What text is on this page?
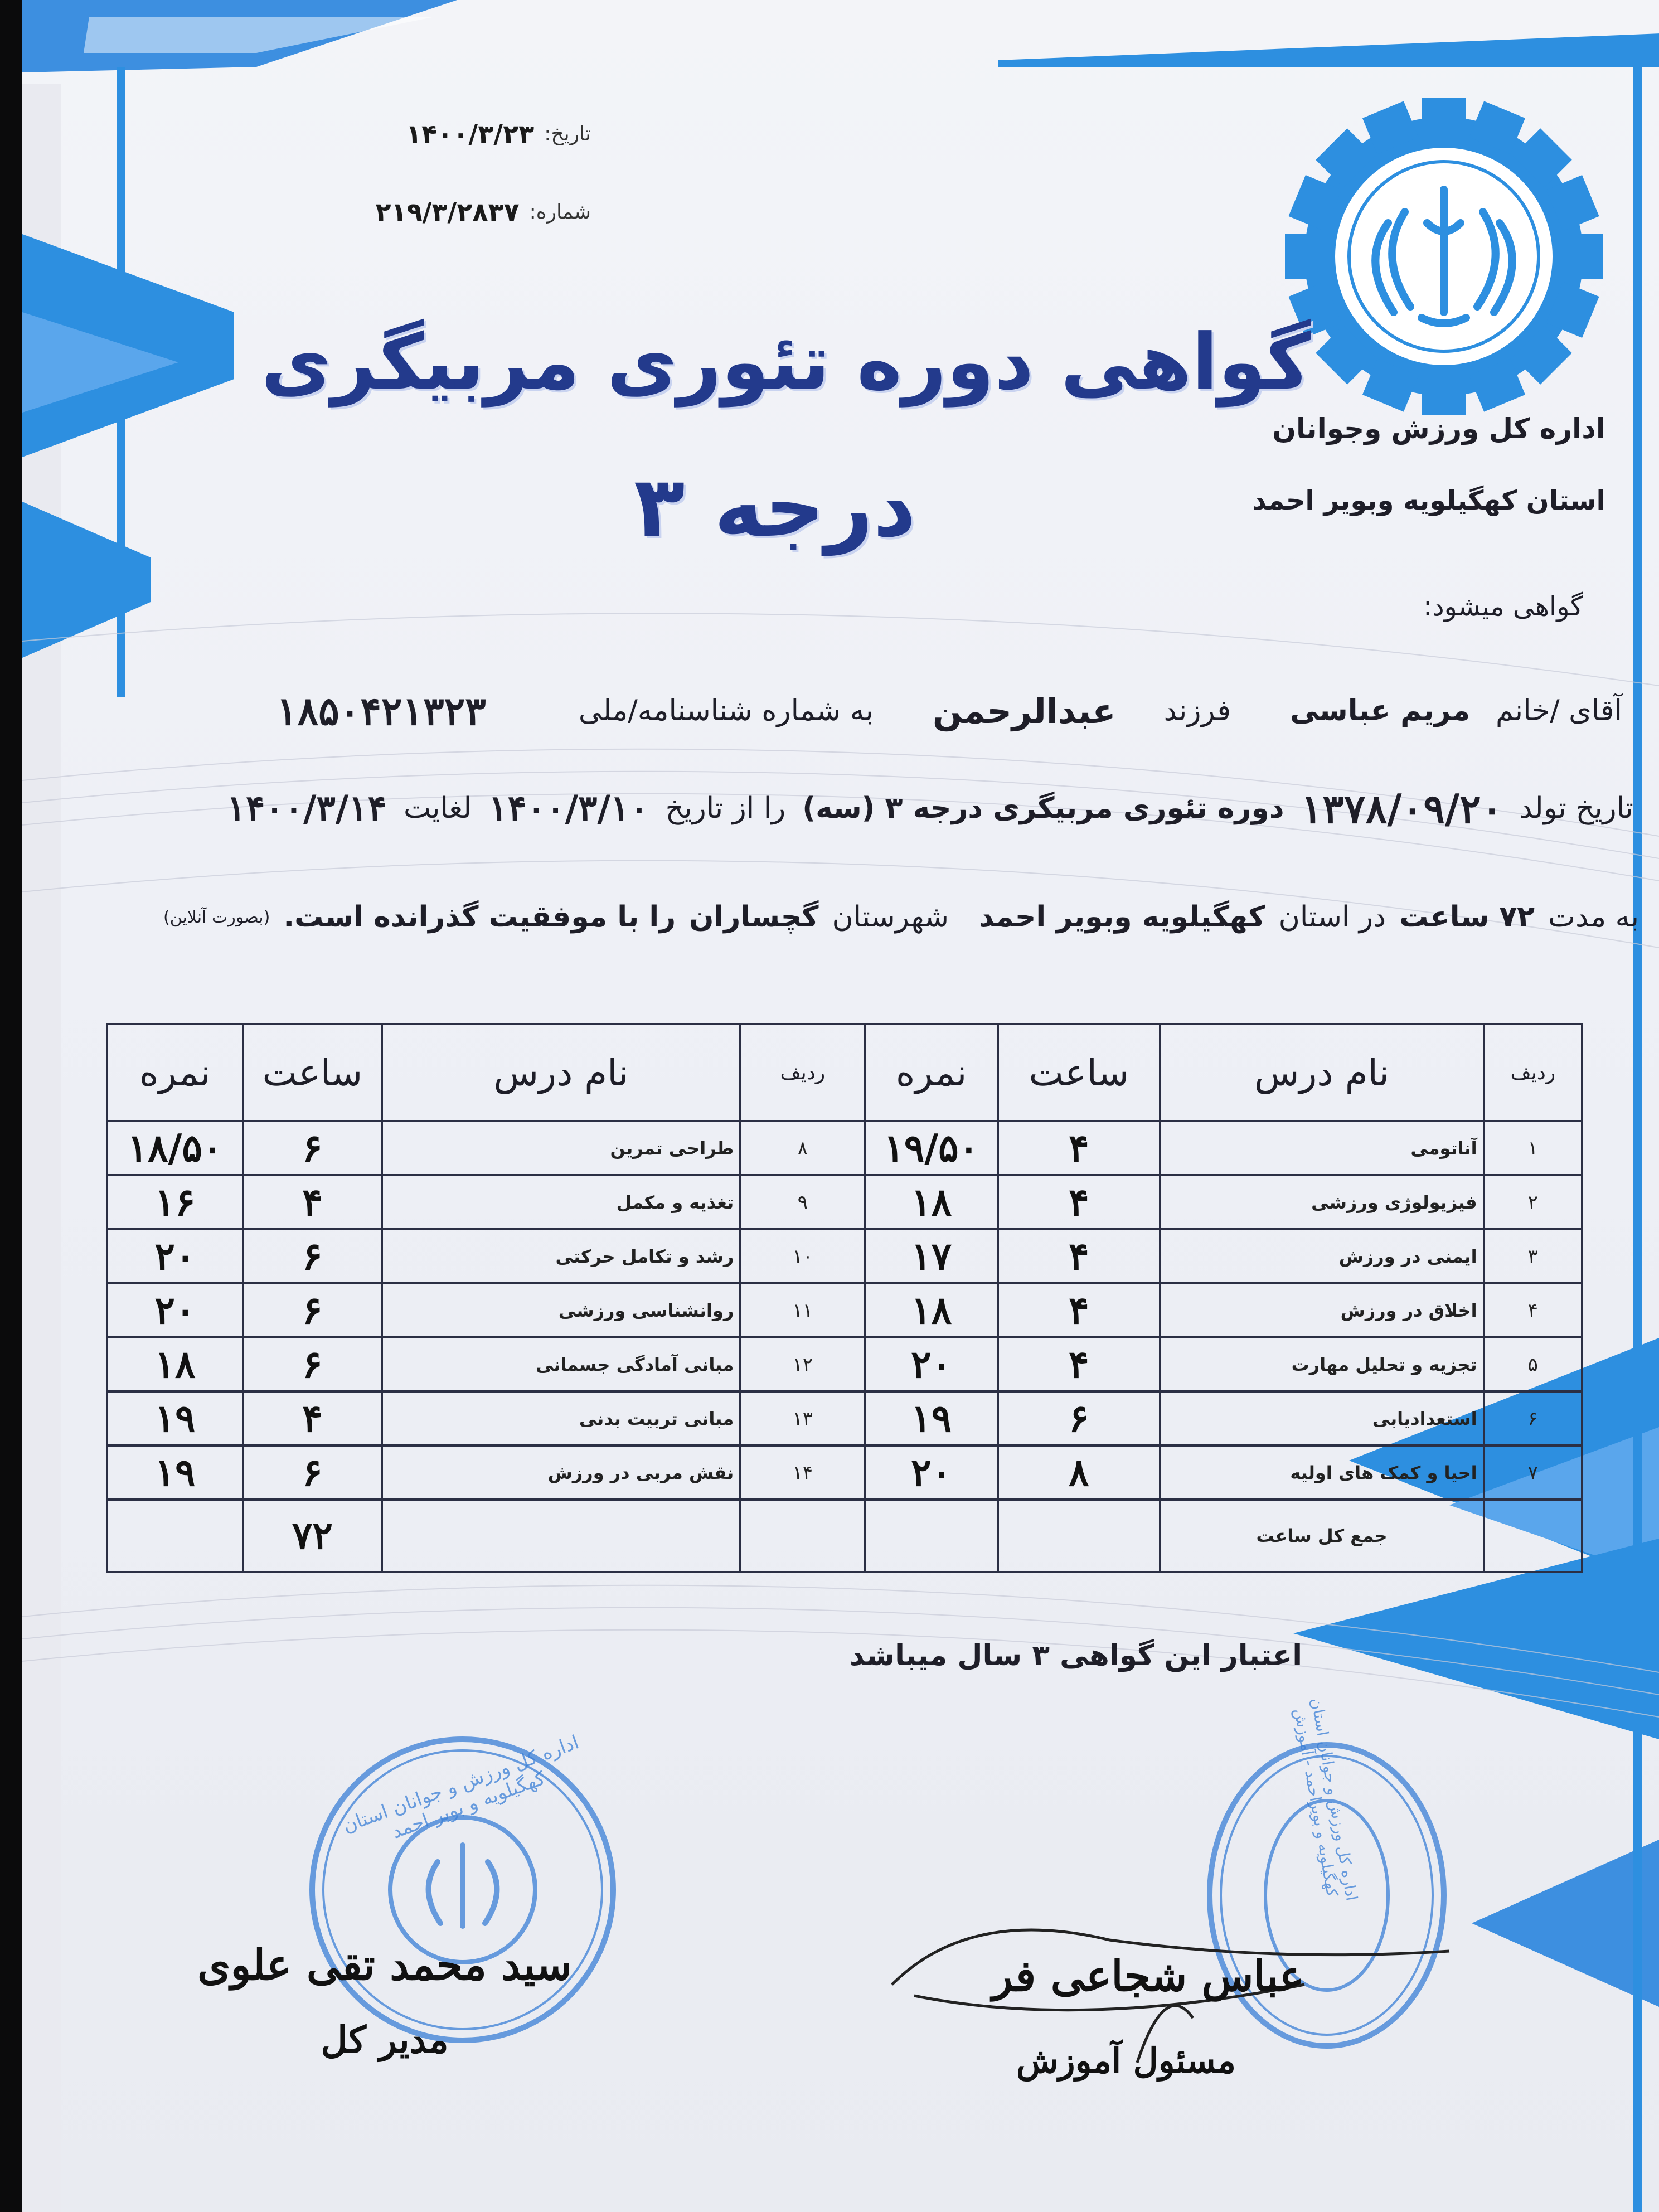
تاریخ:
۱۴۰۰/۳/۲۳
شماره:
۲۱۹/۳/۲۸۳۷
گواهی دوره تئوری مربیگری
درجه ۳
اداره کل ورزش وجوانان
استان کهگیلویه وبویر احمد
گواهی میشود:
آقای /خانم
مریم عباسی
فرزند
عبدالرحمن
به شماره شناسنامه/ملی
۱۸۵۰۴۲۱۳۲۳
تاریخ تولد
۱۳۷۸/۰۹/۲۰
دوره تئوری مربیگری درجه ۳ (سه)
را از تاریخ
۱۴۰۰/۳/۱۰
لغایت
۱۴۰۰/۳/۱۴
به مدت
۷۲ ساعت
در استان
کهگیلویه وبویر احمد
شهرستان
گچساران
را با موفقیت گذرانده است.
(بصورت آنلاین)
ردیف	نام درس	ساعت	نمره	ردیف	نام درس	ساعت	نمره
۱	آناتومی	۴	۱۹/۵۰	۸	طراحی تمرین	۶	۱۸/۵۰
۲	فیزیولوژی ورزشی	۴	۱۸	۹	تغذیه و مکمل	۴	۱۶
۳	ایمنی در ورزش	۴	۱۷	۱۰	رشد و تکامل حرکتی	۶	۲۰
۴	اخلاق در ورزش	۴	۱۸	۱۱	روانشناسی ورزشی	۶	۲۰
۵	تجزیه و تحلیل مهارت	۴	۲۰	۱۲	مبانی آمادگی جسمانی	۶	۱۸
۶	استعدادیابی	۶	۱۹	۱۳	مبانی تربیت بدنی	۴	۱۹
۷	احیا و کمک های اولیه	۸	۲۰	۱۴	نقش مربی در ورزش	۶	۱۹
	جمع کل ساعت					۷۲	
اعتبار این گواهی ۳ سال میباشد
اداره کل ورزش و جوانان استان کهگیلویه و بویر احمد	اداره کل ورزش و جوانان استان کهگیلویه و بویراحمد - آموزش
سید محمد تقی علوی
مدیر کل
عباس شجاعی فر
مسئول آموزش
